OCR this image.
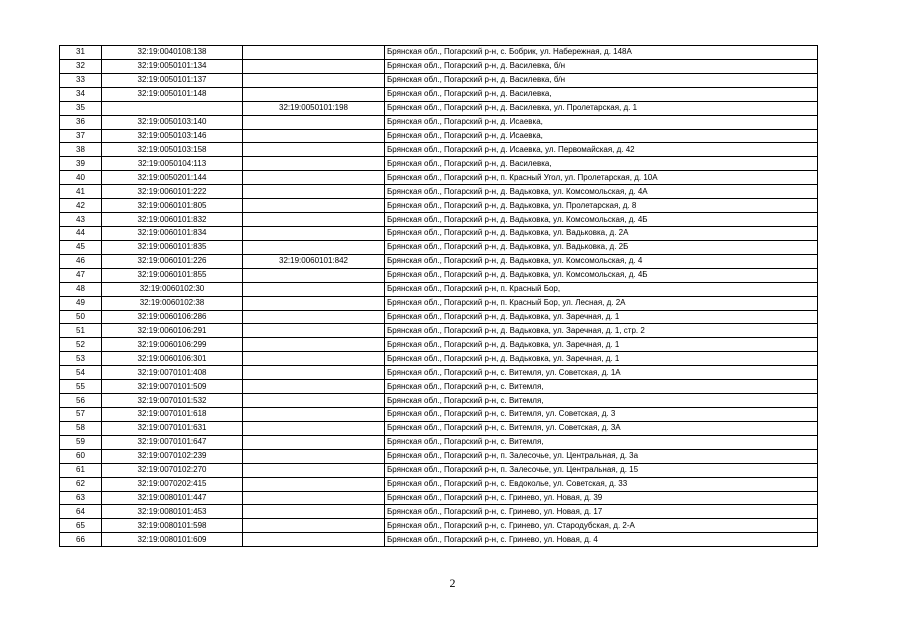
31	32:19:0040108:138		Брянская обл., Погарский р-н, с. Бобрик, ул. Набережная, д. 148А
32	32:19:0050101:134		Брянская обл., Погарский р-н, д. Василевка, б/н
33	32:19:0050101:137		Брянская обл., Погарский р-н, д. Василевка, б/н
34	32:19:0050101:148		Брянская обл., Погарский р-н, д. Василевка,
35		32:19:0050101:198	Брянская обл., Погарский р-н, д. Василевка, ул. Пролетарская, д. 1
36	32:19:0050103:140		Брянская обл., Погарский р-н, д. Исаевка,
37	32:19:0050103:146		Брянская обл., Погарский р-н, д. Исаевка,
38	32:19:0050103:158		Брянская обл., Погарский р-н, д. Исаевка, ул. Первомайская, д. 42
39	32:19:0050104:113		Брянская обл., Погарский р-н, д. Василевка,
40	32:19:0050201:144		Брянская обл., Погарский р-н, п. Красный Угол, ул. Пролетарская, д. 10А
41	32:19:0060101:222		Брянская обл., Погарский р-н, д. Вадьковка, ул. Комсомольская, д. 4А
42	32:19:0060101:805		Брянская обл., Погарский р-н, д. Вадьковка, ул. Пролетарская, д. 8
43	32:19:0060101:832		Брянская обл., Погарский р-н, д. Вадьковка, ул. Комсомольская, д. 4Б
44	32:19:0060101:834		Брянская обл., Погарский р-н, д. Вадьковка, ул. Вадьковка, д. 2А
45	32:19:0060101:835		Брянская обл., Погарский р-н, д. Вадьковка, ул. Вадьковка, д. 2Б
46	32:19:0060101:226	32:19:0060101:842	Брянская обл., Погарский р-н, д. Вадьковка, ул. Комсомольская, д. 4
47	32:19:0060101:855		Брянская обл., Погарский р-н, д. Вадьковка, ул. Комсомольская, д. 4Б
48	32:19:0060102:30		Брянская обл., Погарский р-н, п. Красный Бор,
49	32:19:0060102:38		Брянская обл., Погарский р-н, п. Красный Бор, ул. Лесная, д. 2А
50	32:19:0060106:286		Брянская обл., Погарский р-н, д. Вадьковка, ул. Заречная, д. 1
51	32:19:0060106:291		Брянская обл., Погарский р-н, д. Вадьковка, ул. Заречная, д. 1, стр. 2
52	32:19:0060106:299		Брянская обл., Погарский р-н, д. Вадьковка, ул. Заречная, д. 1
53	32:19:0060106:301		Брянская обл., Погарский р-н, д. Вадьковка, ул. Заречная, д. 1
54	32:19:0070101:408		Брянская обл., Погарский р-н, с. Витемля, ул. Советская, д. 1А
55	32:19:0070101:509		Брянская обл., Погарский р-н, с. Витемля,
56	32:19:0070101:532		Брянская обл., Погарский р-н, с. Витемля,
57	32:19:0070101:618		Брянская обл., Погарский р-н, с. Витемля, ул. Советская, д. 3
58	32:19:0070101:631		Брянская обл., Погарский р-н, с. Витемля, ул. Советская, д. 3А
59	32:19:0070101:647		Брянская обл., Погарский р-н, с. Витемля,
60	32:19:0070102:239		Брянская обл., Погарский р-н, п. Залесочье, ул. Центральная, д. 3а
61	32:19:0070102:270		Брянская обл., Погарский р-н, п. Залесочье, ул. Центральная, д. 15
62	32:19:0070202:415		Брянская обл., Погарский р-н, с. Евдоколье, ул. Советская, д. 33
63	32:19:0080101:447		Брянская обл., Погарский р-н, с. Гринево, ул. Новая, д. 39
64	32:19:0080101:453		Брянская обл., Погарский р-н, с. Гринево, ул. Новая, д. 17
65	32:19:0080101:598		Брянская обл., Погарский р-н, с. Гринево, ул. Стародубская, д. 2-А
66	32:19:0080101:609		Брянская обл., Погарский р-н, с. Гринево, ул. Новая, д. 4
2
